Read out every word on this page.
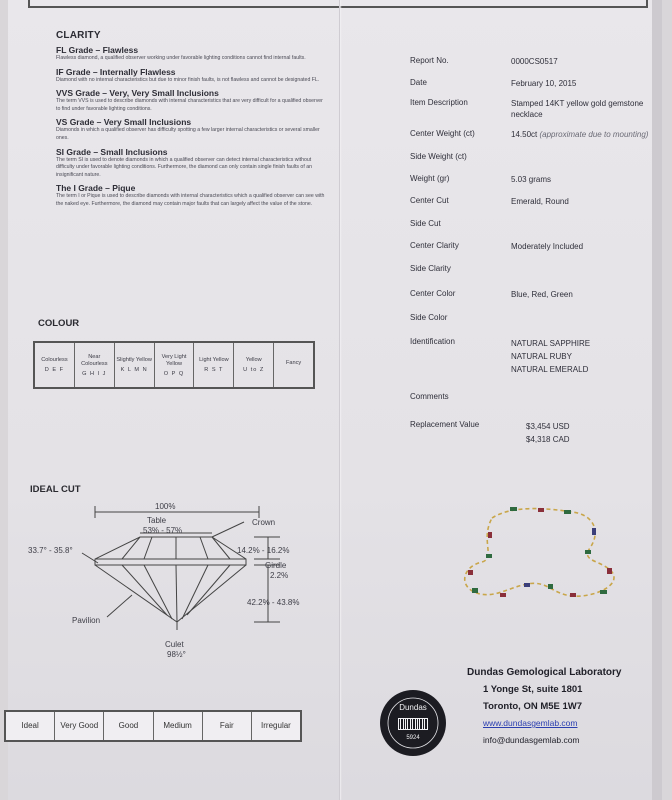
CLARITY
FL Grade – Flawless
Flawless diamond, a qualified observer working under favorable lighting conditions cannot find internal faults.
IF Grade – Internally Flawless
Diamond with no internal characteristics but due to minor finish faults, is not flawless and cannot be designated FL.
VVS Grade – Very, Very Small Inclusions
The term VVS is used to describe diamonds with internal characteristics that are very difficult for a qualified observer to find under favorable lighting conditions.
VS Grade – Very Small Inclusions
Diamonds in which a qualified observer has difficulty spotting a few larger internal characteristics or several smaller ones.
SI Grade – Small Inclusions
The term SI is used to denote diamonds in which a qualified observer can detect internal characteristics without difficulty under favorable lighting conditions. Furthermore, the diamond can only contain single finish faults of an insignificant nature.
The I Grade – Pique
The term I or Pique is used to describe diamonds with internal characteristics which a qualified observer can see with the naked eye. Furthermore, the diamond may contain major faults that can largely affect the value of the stone.
COLOUR
Colourless
D E F
Near Colourless
G H I J
Slightly Yellow
K L M N
Very Light Yellow
O P Q
Light Yellow
R S T
Yellow
U to Z
Fancy
IDEAL CUT
100%
Table
53% - 57%
Crown
33.7° - 35.8°	14.2% - 16.2%
Girdle
2.2%
42.2% - 43.8%
Pavilion
Culet
98½°
Ideal	Very Good	Good	Medium	Fair	Irregular
Report No.	0000CS0517
Date	February 10, 2015
Item Description	Stamped 14KT yellow gold gemstone necklace
Center Weight (ct)	14.50ct (approximate due to mounting)
Side Weight (ct)
Weight (gr)	5.03 grams
Center Cut	Emerald, Round
Side Cut
Center Clarity	Moderately Included
Side Clarity
Center Color	Blue, Red, Green
Side Color
Identification	NATURAL SAPPHIRE
NATURAL RUBY
NATURAL EMERALD
Comments
Replacement Value	$3,454 USD
$4,318 CAD
Dundas
5924
Dundas Gemological Laboratory
1 Yonge St, suite 1801
Toronto, ON M5E 1W7
www.dundasgemlab.com
info@dundasgemlab.com
